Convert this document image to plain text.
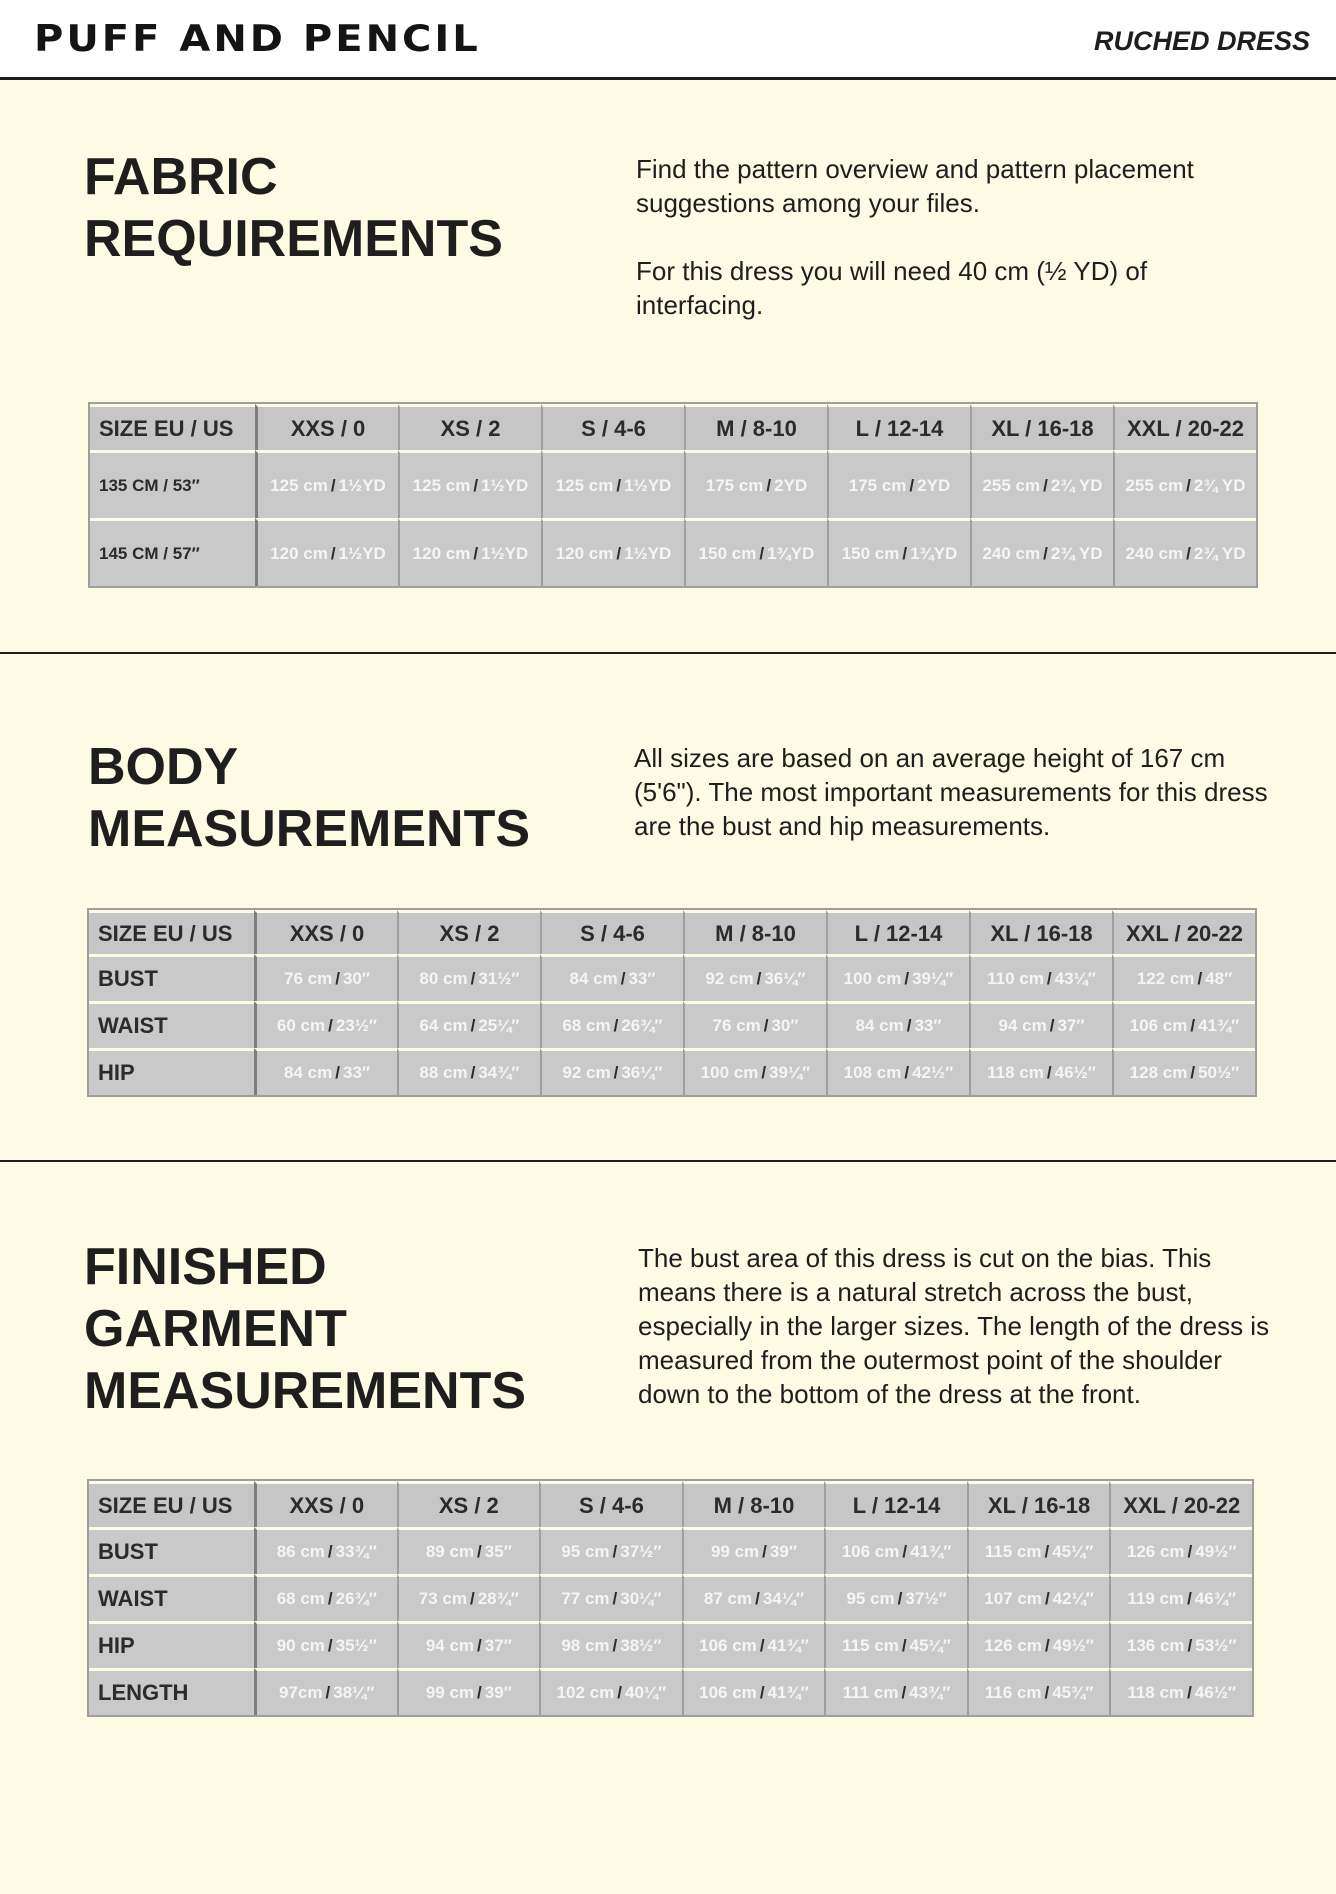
PUFF AND PENCIL	RUCHED DRESS
FABRIC
REQUIREMENTS

Find the pattern overview and pattern placement suggestions among your files.

For this dress you will need 40 cm (½ YD) of interfacing.

SIZE EU / US	XXS / 0	XS / 2	S / 4-6	M / 8-10	L / 12-14	XL / 16-18	XXL / 20-22
135 CM / 53″	125 cm / 1½YD	125 cm / 1½YD	125 cm / 1½YD	175 cm / 2YD	175 cm / 2YD	255 cm / 2¾ YD	255 cm / 2¾ YD
145 CM / 57″	120 cm / 1½YD	120 cm / 1½YD	120 cm / 1½YD	150 cm / 1¾YD	150 cm / 1¾YD	240 cm / 2¾ YD	240 cm / 2¾ YD
BODY
MEASUREMENTS

All sizes are based on an average height of 167 cm (5'6"). The most important measurements for this dress are the bust and hip measurements.

SIZE EU / US	XXS / 0	XS / 2	S / 4-6	M / 8-10	L / 12-14	XL / 16-18	XXL / 20-22
BUST	76 cm / 30″	80 cm / 31½″	84 cm / 33″	92 cm / 36¼″	100 cm / 39¼″	110 cm / 43¼″	122 cm / 48″
WAIST	60 cm / 23½″	64 cm / 25¼″	68 cm / 26¾″	76 cm / 30″	84 cm / 33″	94 cm / 37″	106 cm / 41¾″
HIP	84 cm / 33″	88 cm / 34¾″	92 cm / 36¼″	100 cm / 39¼″	108 cm / 42½″	118 cm / 46½″	128 cm / 50½″
FINISHED
GARMENT
MEASUREMENTS

The bust area of this dress is cut on the bias. This means there is a natural stretch across the bust, especially in the larger sizes. The length of the dress is measured from the outermost point of the shoulder down to the bottom of the dress at the front.

SIZE EU / US	XXS / 0	XS / 2	S / 4-6	M / 8-10	L / 12-14	XL / 16-18	XXL / 20-22
BUST	86 cm / 33¾″	89 cm / 35″	95 cm / 37½″	99 cm / 39″	106 cm / 41¾″	115 cm / 45¼″	126 cm / 49½″
WAIST	68 cm / 26¾″	73 cm / 28¾″	77 cm / 30¼″	87 cm / 34¼″	95 cm / 37½″	107 cm / 42¼″	119 cm / 46¾″
HIP	90 cm / 35½″	94 cm / 37″	98 cm / 38½″	106 cm / 41¾″	115 cm / 45¼″	126 cm / 49½″	136 cm / 53½″
LENGTH	97cm / 38¼″	99 cm / 39″	102 cm / 40¼″	106 cm / 41¾″	111 cm / 43¾″	116 cm / 45¾″	118 cm / 46½″
